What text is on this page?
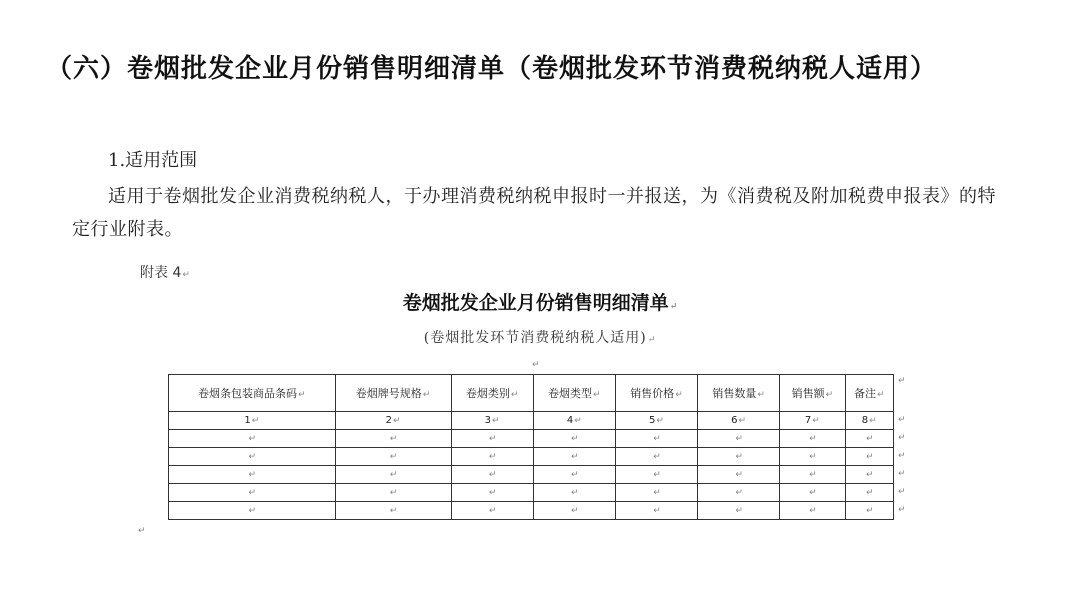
（六）卷烟批发企业月份销售明细清单（卷烟批发环节消费税纳税人适用）
1.适用范围
适用于卷烟批发企业消费税纳税人，于办理消费税纳税申报时一并报送，为《消费税及附加税费申报表》的特定行业附表。
附表 4↵
卷烟批发企业月份销售明细清单↵
(卷烟批发环节消费税纳税人适用)↵
↵
卷烟条包装商品条码↵	卷烟牌号规格↵	卷烟类别↵	卷烟类型↵	销售价格↵	销售数量↵	销售额↵	备注↵
1↵	2↵	3↵	4↵	5↵	6↵	7↵	8↵
↵	↵	↵	↵	↵	↵	↵	↵
↵	↵	↵	↵	↵	↵	↵	↵
↵	↵	↵	↵	↵	↵	↵	↵
↵	↵	↵	↵	↵	↵	↵	↵
↵	↵	↵	↵	↵	↵	↵	↵
↵
↵
↵
↵
↵
↵
↵
↵
